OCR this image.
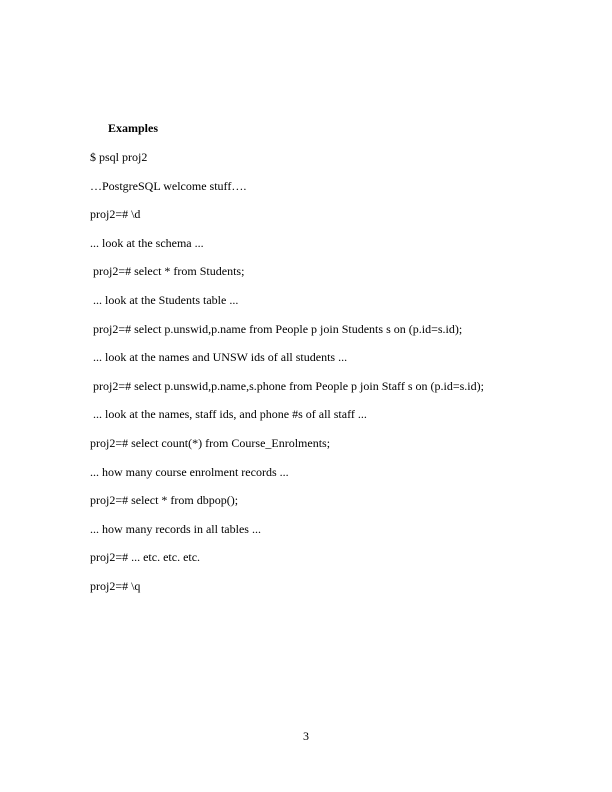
Examples
$ psql proj2
…PostgreSQL welcome stuff….
proj2=# \d
... look at the schema ...
proj2=# select * from Students;
... look at the Students table ...
proj2=# select p.unswid,p.name from People p join Students s on (p.id=s.id);
... look at the names and UNSW ids of all students ...
proj2=# select p.unswid,p.name,s.phone from People p join Staff s on (p.id=s.id);
... look at the names, staff ids, and phone #s of all staff ...
proj2=# select count(*) from Course_Enrolments;
... how many course enrolment records ...
proj2=# select * from dbpop();
... how many records in all tables ...
proj2=# ... etc. etc. etc.
proj2=# \q
3
